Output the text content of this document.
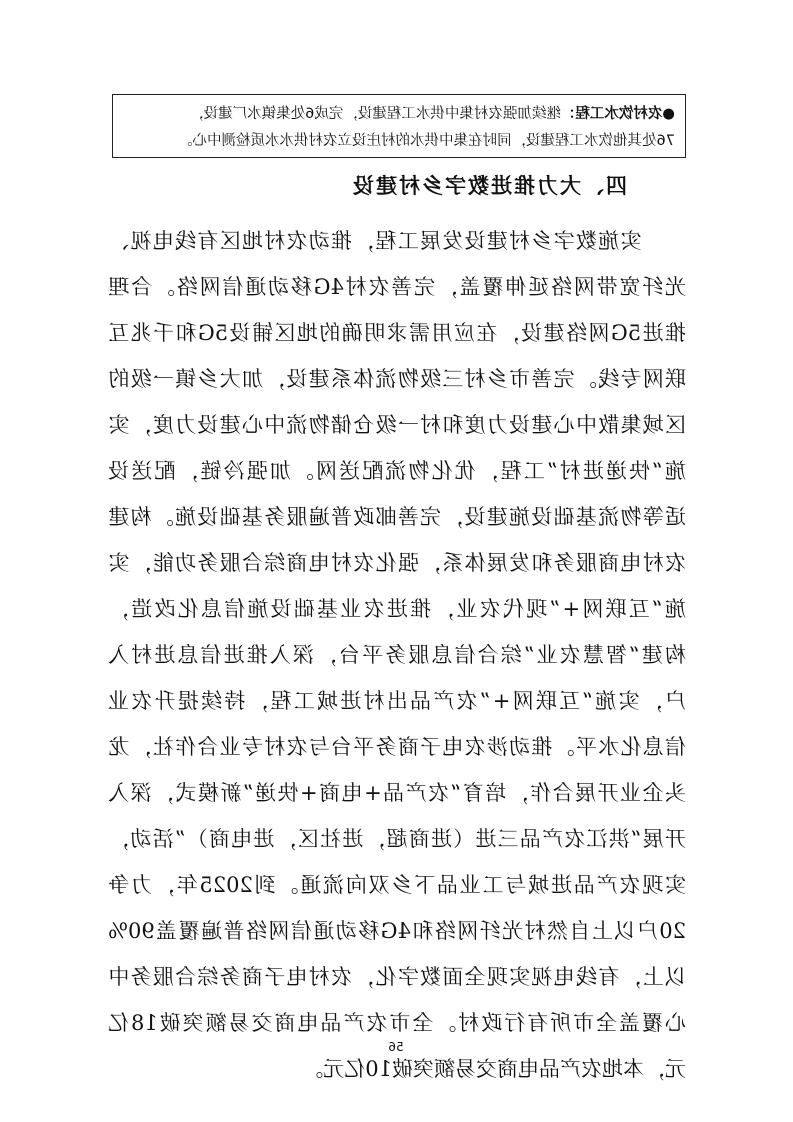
●农村饮水工程：继续加强农村集中供水工程建设，完成6处集镇水厂建设，
76处其他饮水工程建设，同时在集中供水的村庄设立农村供水水质检测中心。
四、大力推进数字乡村建设

实
施
数
字
乡
村
建
设
发
展
工
程
，
推
动
农
村
地
区
有
线
电
视
、
光
纤
宽
带
网
络
延
伸
覆
盖
，
完
善
农
村
4G
移
动
通
信
网
络
。
合
理
推
进
5G
网
络
建
设
，
在
应
用
需
求
明
确
的
地
区
铺
设
5G
和
千
兆
互
联
网
专
线
。
完
善
市
乡
村
三
级
物
流
体
系
建
设
，
加
大
乡
镇
一
级
的
区
域
集
散
中
心
建
设
力
度
和
村
一
级
仓
储
物
流
中
心
建
设
力
度
，
实
施
“
快
递
进
村
”
工
程
，
优
化
物
流
配
送
网
。
加
强
冷
链
，
配
送
设
适
等
物
流
基
础
设
施
建
设
，
完
善
邮
政
普
遍
服
务
基
础
设
施
。
构
建
农
村
电
商
服
务
和
发
展
体
系
，
强
化
农
村
电
商
综
合
服
务
功
能
，
实
施
“
互
联
网
+
”
现
代
农
业
，
推
进
农
业
基
础
设
施
信
息
化
改
造
，
构
建
“
智
慧
农
业
”
综
合
信
息
服
务
平
台
，
深
入
推
进
信
息
进
村
入
户
，
实
施
“
互
联
网
+
”
农
产
品
出
村
进
城
工
程
，
持
续
提
升
农
业
信
息
化
水
平
。
推
动
涉
农
电
子
商
务
平
台
与
农
村
专
业
合
作
社
，
龙
头
企
业
开
展
合
作
，
培
育
“
农
产
品
+
电
商
+
快
递
”
新
模
式
，
深
入
开
展
“
洪
江
农
产
品
三
进
（
进
商
超
，
进
社
区
，
进
电
商
）
”
活
动
，
实
现
农
产
品
进
城
与
工
业
品
下
乡
双
向
流
通
。
到
2025
年
，
力
争
20
户
以
上
自
然
村
光
纤
网
络
和
4G
移
动
通
信
网
络
普
遍
覆
盖
90%
以
上
，
有
线
电
视
实
现
全
面
数
字
化
，
农
村
电
子
商
务
综
合
服
务
中
心
覆
盖
全
市
所
有
行
政
村
。
全
市
农
产
品
电
商
交
易
额
突
破
18
亿
元
，
本
地
农
产
品
电
商
交
易
额
突
破
10
亿
元
。
56
